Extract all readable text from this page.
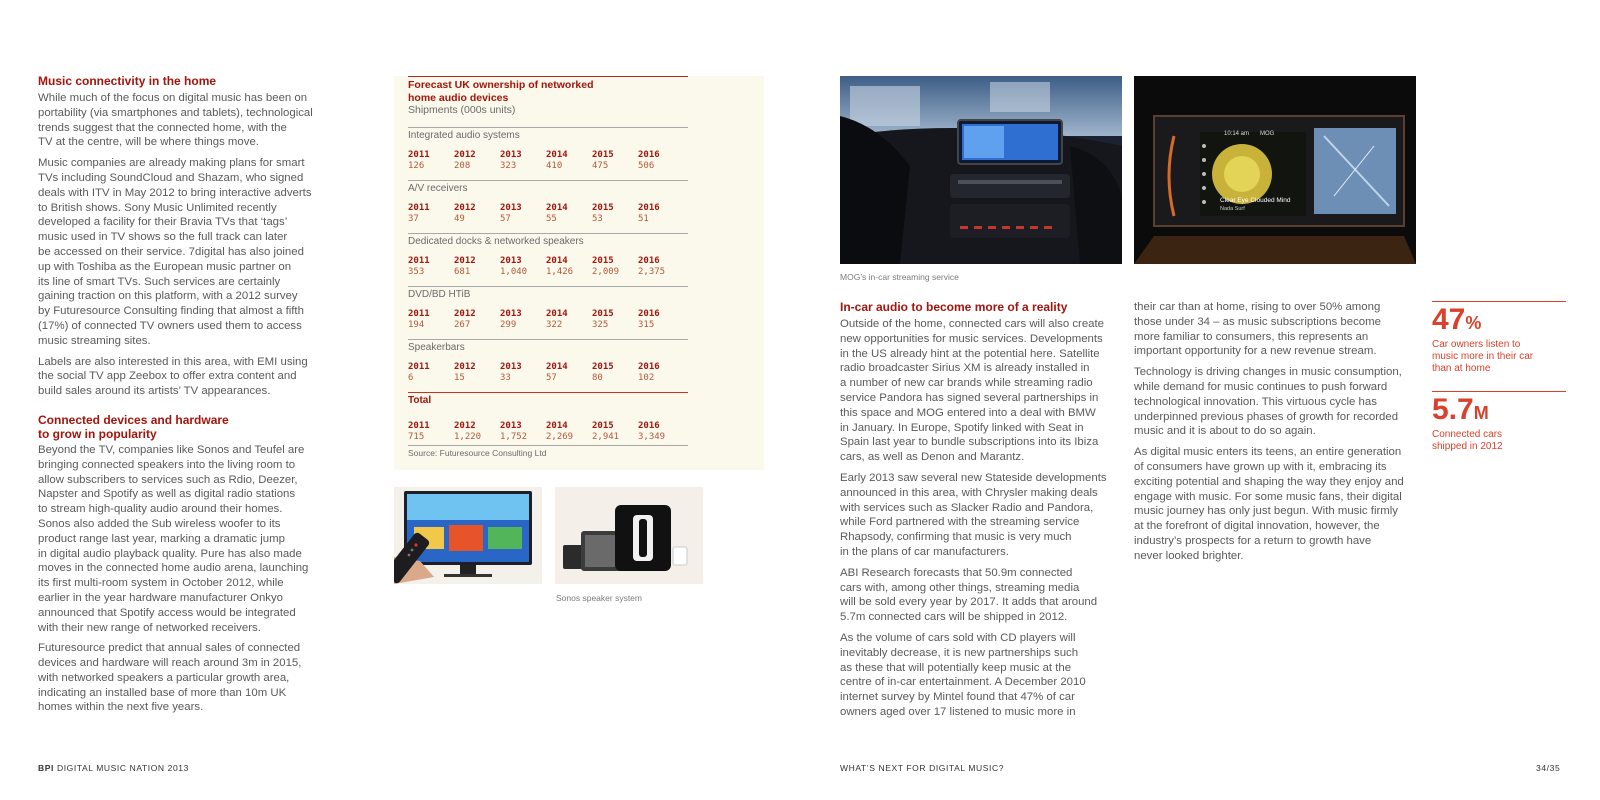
Music connectivity in the home

While much of the focus on digital music has been on
portability (via smartphones and tablets), technological
trends suggest that the connected home, with the
TV at the centre, will be where things move.

Music companies are already making plans for smart
TVs including SoundCloud and Shazam, who signed
deals with ITV in May 2012 to bring interactive adverts
to British shows. Sony Music Unlimited recently
developed a facility for their Bravia TVs that ‘tags’
music used in TV shows so the full track can later
be accessed on their service. 7digital has also joined
up with Toshiba as the European music partner on
its line of smart TVs. Such services are certainly
gaining traction on this platform, with a 2012 survey
by Futuresource Consulting finding that almost a fifth
(17%) of connected TV owners used them to access
music streaming sites.

Labels are also interested in this area, with EMI using
the social TV app Zeebox to offer extra content and
build sales around its artists’ TV appearances.

Connected devices and hardware
to grow in popularity

Beyond the TV, companies like Sonos and Teufel are
bringing connected speakers into the living room to
allow subscribers to services such as Rdio, Deezer,
Napster and Spotify as well as digital radio stations
to stream high-quality audio around their homes.
Sonos also added the Sub wireless woofer to its
product range last year, marking a dramatic jump
in digital audio playback quality. Pure has also made
moves in the connected home audio arena, launching
its first multi-room system in October 2012, while
earlier in the year hardware manufacturer Onkyo
announced that Spotify access would be integrated
with their new range of networked receivers.

Futuresource predict that annual sales of connected
devices and hardware will reach around 3m in 2015,
with networked speakers a particular growth area,
indicating an installed base of more than 10m UK
homes within the next five years.

Forecast UK ownership of networked
home audio devices
Shipments (000s units)
Integrated audio systems
2011	2012	2013	2014	2015	2016
126	208	323	410	475	506
A/V receivers
2011	2012	2013	2014	2015	2016
37	49	57	55	53	51
Dedicated docks & networked speakers
2011	2012	2013	2014	2015	2016
353	681	1,040	1,426	2,009	2,375
DVD/BD HTiB
2011	2012	2013	2014	2015	2016
194	267	299	322	325	315
Speakerbars
2011	2012	2013	2014	2015	2016
6	15	33	57	80	102
Total
2011	2012	2013	2014	2015	2016
715	1,220	1,752	2,269	2,941	3,349
Source: Futuresource Consulting Ltd
Sonos speaker system
10:14 am MOG
Clear Eye Clouded Mind
Nada Surf
MOG’s in-car streaming service
In-car audio to become more of a reality

Outside of the home, connected cars will also create
new opportunities for music services. Developments
in the US already hint at the potential here. Satellite
radio broadcaster Sirius XM is already installed in
a number of new car brands while streaming radio
service Pandora has signed several partnerships in
this space and MOG entered into a deal with BMW
in January. In Europe, Spotify linked with Seat in
Spain last year to bundle subscriptions into its Ibiza
cars, as well as Denon and Marantz.

Early 2013 saw several new Stateside developments
announced in this area, with Chrysler making deals
with services such as Slacker Radio and Pandora,
while Ford partnered with the streaming service
Rhapsody, confirming that music is very much
in the plans of car manufacturers.

ABI Research forecasts that 50.9m connected
cars with, among other things, streaming media
will be sold every year by 2017. It adds that around
5.7m connected cars will be shipped in 2012.

As the volume of cars sold with CD players will
inevitably decrease, it is new partnerships such
as these that will potentially keep music at the
centre of in-car entertainment. A December 2010
internet survey by Mintel found that 47% of car
owners aged over 17 listened to music more in

their car than at home, rising to over 50% among
those under 34 – as music subscriptions become
more familiar to consumers, this represents an
important opportunity for a new revenue stream.

Technology is driving changes in music consumption,
while demand for music continues to push forward
technological innovation. This virtuous cycle has
underpinned previous phases of growth for recorded
music and it is about to do so again.

As digital music enters its teens, an entire generation
of consumers have grown up with it, embracing its
exciting potential and shaping the way they enjoy and
engage with music. For some music fans, their digital
music journey has only just begun. With music firmly
at the forefront of digital innovation, however, the
industry’s prospects for a return to growth have
never looked brighter.

47%
Car owners listen to
music more in their car
than at home
5.7M
Connected cars
shipped in 2012
BPI DIGITAL MUSIC NATION 2013	WHAT’S NEXT FOR DIGITAL MUSIC?	34/35
